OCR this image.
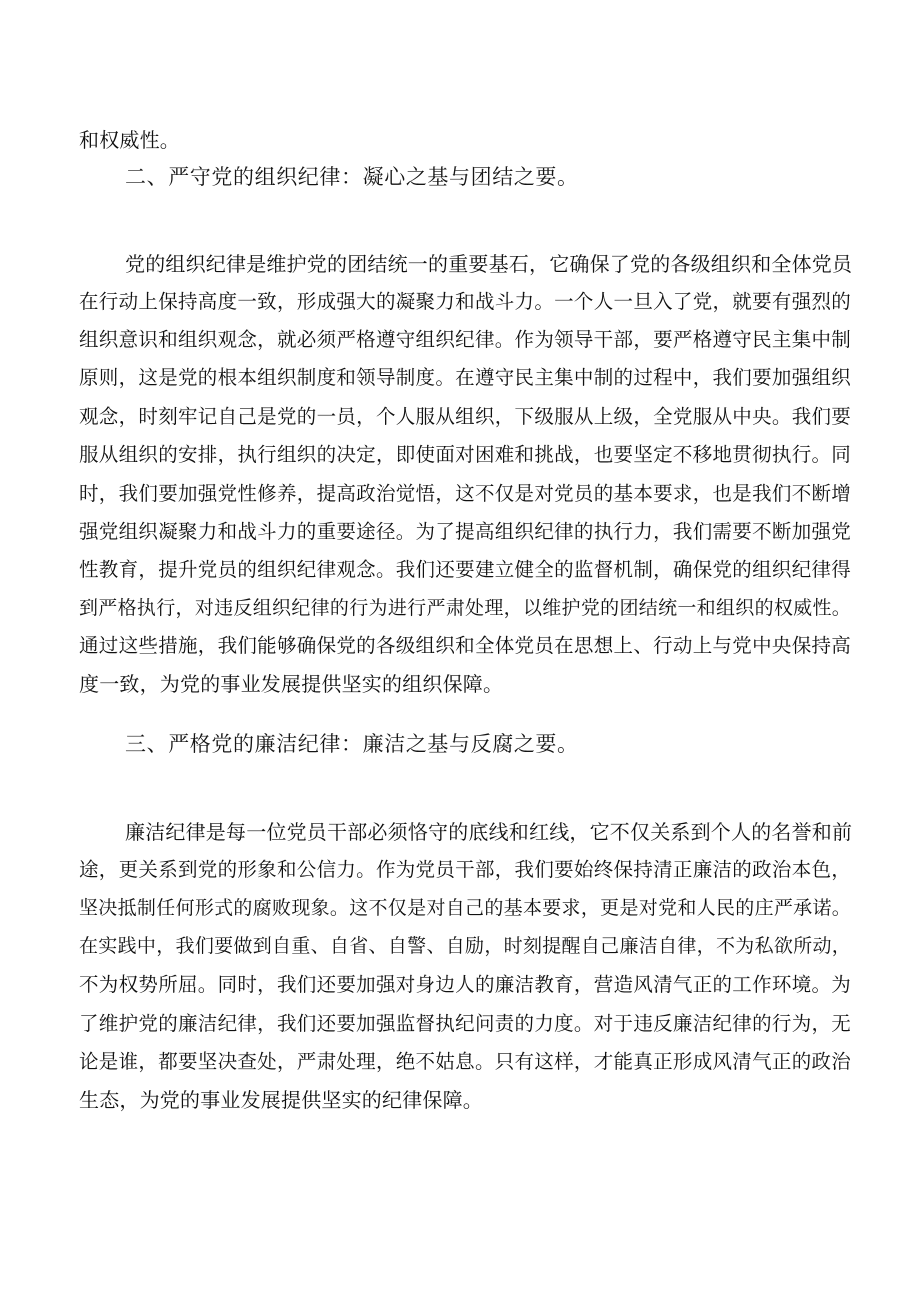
和权威性。
二、严守党的组织纪律：凝心之基与团结之要。
党的组织纪律是维护党的团结统一的重要基石，它确保了党的各级组织和全体党员
在行动上保持高度一致，形成强大的凝聚力和战斗力。一个人一旦入了党，就要有强烈的
组织意识和组织观念，就必须严格遵守组织纪律。作为领导干部，要严格遵守民主集中制
原则，这是党的根本组织制度和领导制度。在遵守民主集中制的过程中，我们要加强组织
观念，时刻牢记自己是党的一员，个人服从组织，下级服从上级，全党服从中央。我们要
服从组织的安排，执行组织的决定，即使面对困难和挑战，也要坚定不移地贯彻执行。同
时，我们要加强党性修养，提高政治觉悟，这不仅是对党员的基本要求，也是我们不断增
强党组织凝聚力和战斗力的重要途径。为了提高组织纪律的执行力，我们需要不断加强党
性教育，提升党员的组织纪律观念。我们还要建立健全的监督机制，确保党的组织纪律得
到严格执行，对违反组织纪律的行为进行严肃处理，以维护党的团结统一和组织的权威性。
通过这些措施，我们能够确保党的各级组织和全体党员在思想上、行动上与党中央保持高
度一致，为党的事业发展提供坚实的组织保障。
三、严格党的廉洁纪律：廉洁之基与反腐之要。
廉洁纪律是每一位党员干部必须恪守的底线和红线，它不仅关系到个人的名誉和前
途，更关系到党的形象和公信力。作为党员干部，我们要始终保持清正廉洁的政治本色，
坚决抵制任何形式的腐败现象。这不仅是对自己的基本要求，更是对党和人民的庄严承诺。
在实践中，我们要做到自重、自省、自警、自励，时刻提醒自己廉洁自律，不为私欲所动，
不为权势所屈。同时，我们还要加强对身边人的廉洁教育，营造风清气正的工作环境。为
了维护党的廉洁纪律，我们还要加强监督执纪问责的力度。对于违反廉洁纪律的行为，无
论是谁，都要坚决查处，严肃处理，绝不姑息。只有这样，才能真正形成风清气正的政治
生态，为党的事业发展提供坚实的纪律保障。
